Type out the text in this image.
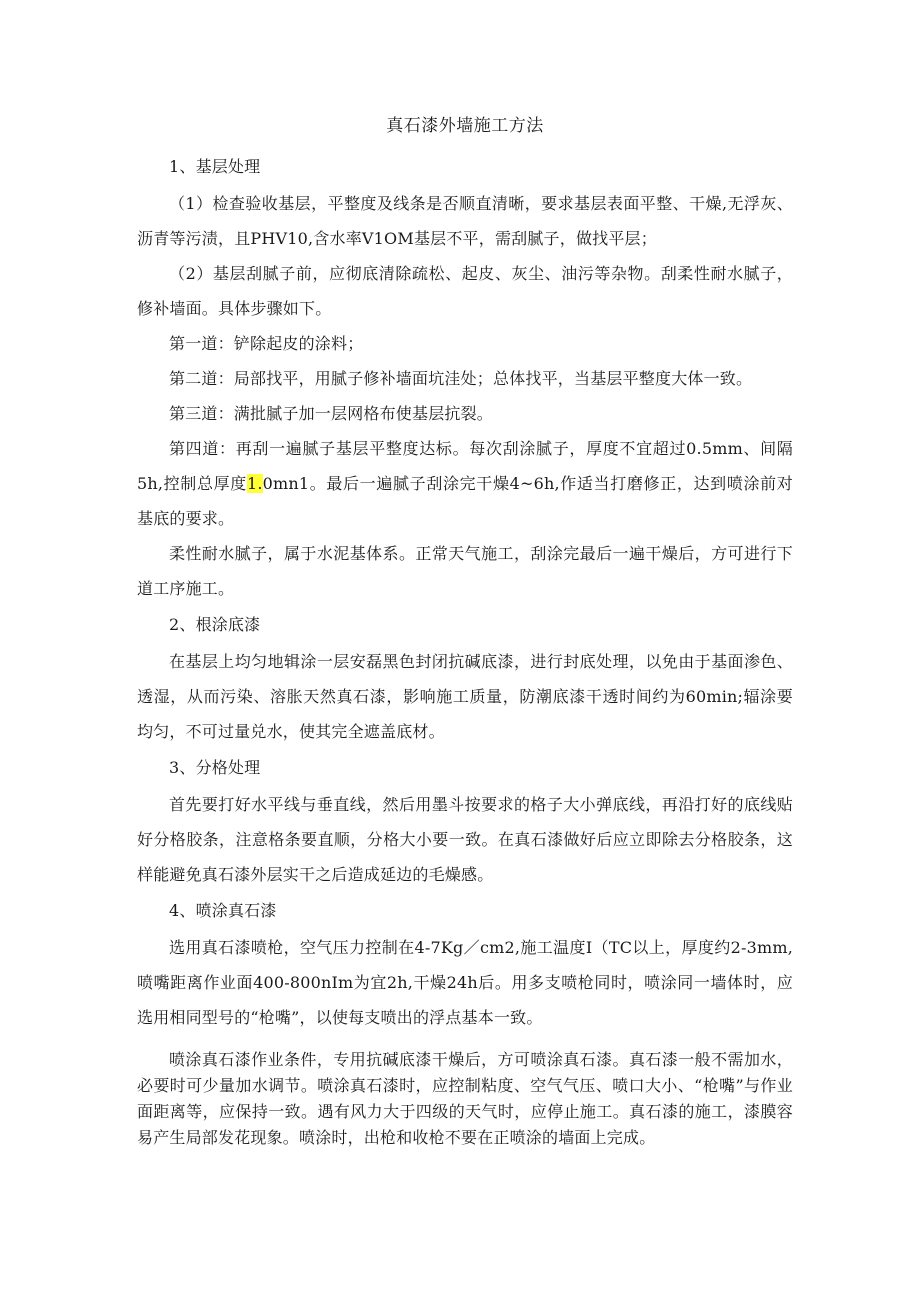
真石漆外墙施工方法

1、基层处理

（1）检查验收基层，平整度及线条是否顺直清晰，要求基层表面平整、干燥,无浮灰、沥青等污渍，且PHV10,含水率V1OM基层不平，需刮腻子，做找平层；

（2）基层刮腻子前，应彻底清除疏松、起皮、灰尘、油污等杂物。刮柔性耐水腻子，修补墙面。具体步骤如下。

第一道：铲除起皮的涂料；

第二道：局部找平，用腻子修补墙面坑洼处；总体找平，当基层平整度大体一致。

第三道：满批腻子加一层网格布使基层抗裂。

第四道：再刮一遍腻子基层平整度达标。每次刮涂腻子，厚度不宜超过0.5mm、间隔5h,控制总厚度1.0mn1。最后一遍腻子刮涂完干燥4~6h,作适当打磨修正，达到喷涂前对基底的要求。

柔性耐水腻子，属于水泥基体系。正常天气施工，刮涂完最后一遍干燥后，方可进行下道工序施工。

2、根涂底漆

在基层上均匀地辑涂一层安磊黑色封闭抗碱底漆，进行封底处理，以免由于基面渗色、透湿，从而污染、溶胀天然真石漆，影响施工质量，防潮底漆干透时间约为60min;辐涂要均匀，不可过量兑水，使其完全遮盖底材。

3、分格处理

首先要打好水平线与垂直线，然后用墨斗按要求的格子大小弹底线，再沿打好的底线贴好分格胶条，注意格条要直顺，分格大小要一致。在真石漆做好后应立即除去分格胶条，这样能避免真石漆外层实干之后造成延边的毛燥感。

4、喷涂真石漆

选用真石漆喷枪，空气压力控制在4-7Kg／cm2,施工温度I（TC以上，厚度约2-3mm,喷嘴距离作业面400-800nIm为宜2h,干燥24h后。用多支喷枪同时，喷涂同一墙体时，应选用相同型号的“枪嘴”，以使每支喷出的浮点基本一致。

喷涂真石漆作业条件，专用抗碱底漆干燥后，方可喷涂真石漆。真石漆一般不需加水，必要时可少量加水调节。喷涂真石漆时，应控制粘度、空气气压、喷口大小、“枪嘴”与作业面距离等，应保持一致。遇有风力大于四级的天气时，应停止施工。真石漆的施工，漆膜容易产生局部发花现象。喷涂时，出枪和收枪不要在正喷涂的墙面上完成。
